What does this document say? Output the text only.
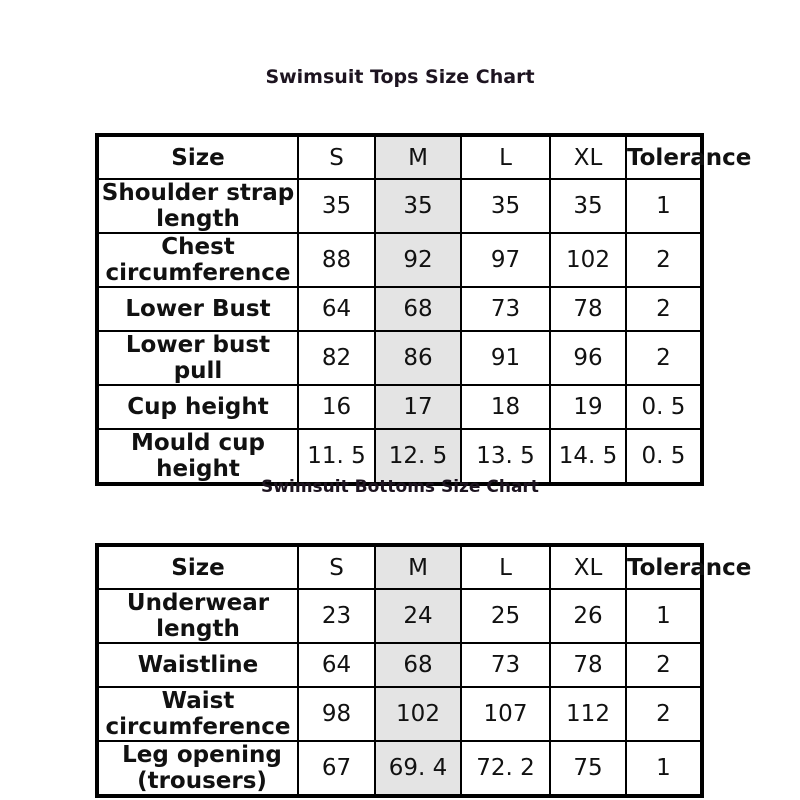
Swimsuit Tops Size Chart
Size	S	M	L	XL	Tolerance
Shoulder strap
length	35	35	35	35	1
Chest
circumference	88	92	97	102	2
Lower Bust	64	68	73	78	2
Lower bust pull	82	86	91	96	2
Cup height	16	17	18	19	0. 5
Mould cup height	11. 5	12. 5	13. 5	14. 5	0. 5
Swimsuit Bottoms Size Chart
Size	S	M	L	XL	Tolerance
Underwear length	23	24	25	26	1
Waistline	64	68	73	78	2
Waist circumference	98	102	107	112	2
Leg opening (trousers)	67	69. 4	72. 2	75	1
